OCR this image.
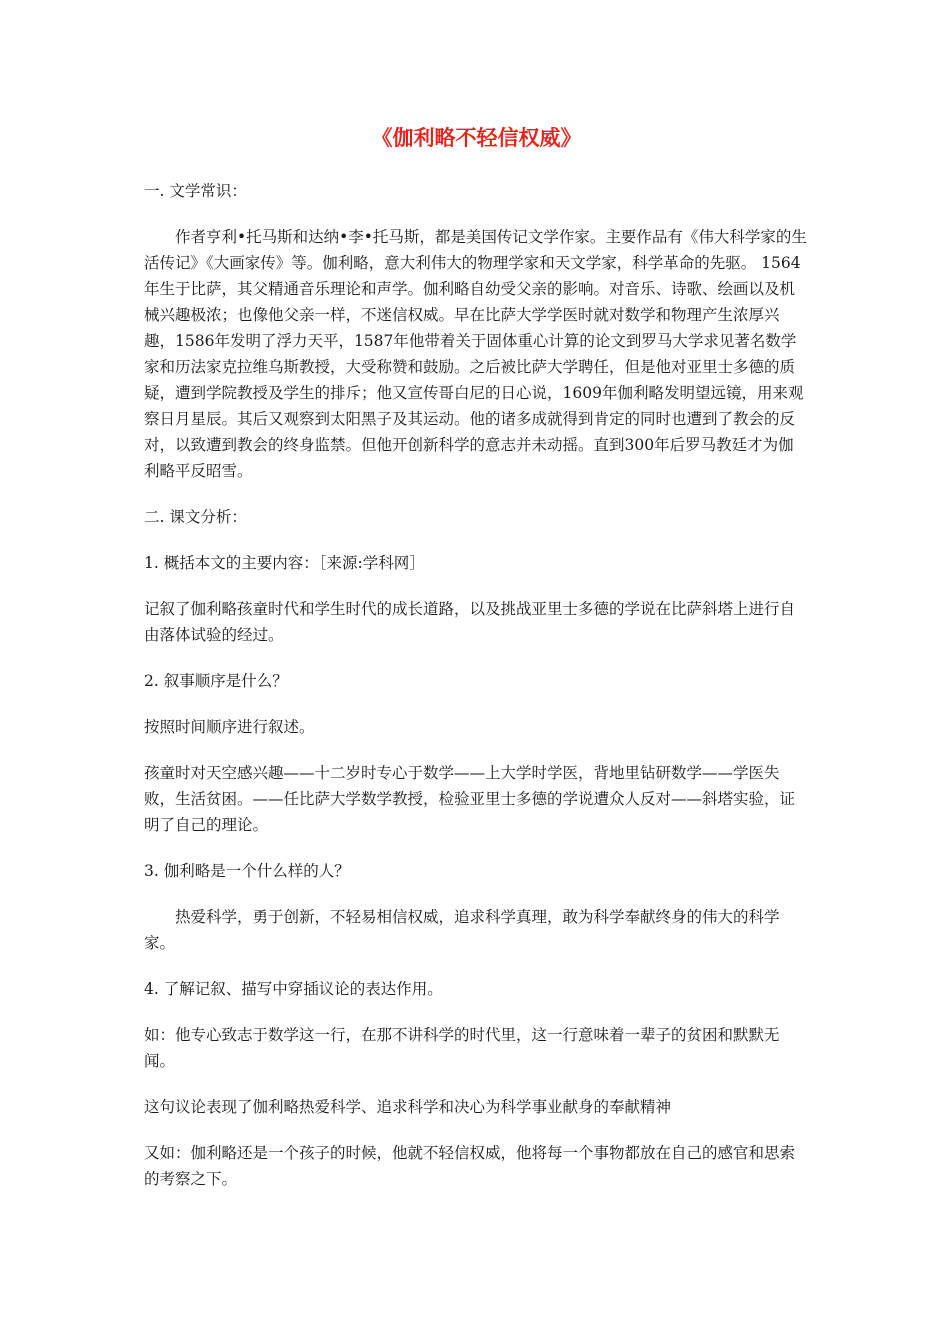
《伽利略不轻信权威》

一. 文学常识：

作者亨利•托马斯和达纳•李•托马斯，都是美国传记文学作家。主要作品有《伟大科学家的生活传记》《大画家传》等。伽利略，意大利伟大的物理学家和天文学家，科学革命的先驱。 1564年生于比萨，其父精通音乐理论和声学。伽利略自幼受父亲的影响。对音乐、诗歌、绘画以及机械兴趣极浓；也像他父亲一样，不迷信权威。早在比萨大学学医时就对数学和物理产生浓厚兴趣，1586年发明了浮力天平，1587年他带着关于固体重心计算的论文到罗马大学求见著名数学家和历法家克拉维乌斯教授，大受称赞和鼓励。之后被比萨大学聘任，但是他对亚里士多德的质疑，遭到学院教授及学生的排斥；他又宣传哥白尼的日心说，1609年伽利略发明望远镜，用来观察日月星辰。其后又观察到太阳黑子及其运动。他的诸多成就得到肯定的同时也遭到了教会的反对，以致遭到教会的终身监禁。但他开创新科学的意志并未动摇。直到300年后罗马教廷才为伽利略平反昭雪。

二. 课文分析：

1. 概括本文的主要内容：［来源:学科网］

记叙了伽利略孩童时代和学生时代的成长道路，以及挑战亚里士多德的学说在比萨斜塔上进行自由落体试验的经过。

2. 叙事顺序是什么？

按照时间顺序进行叙述。

孩童时对天空感兴趣——十二岁时专心于数学——上大学时学医，背地里钻研数学——学医失败，生活贫困。——任比萨大学数学教授，检验亚里士多德的学说遭众人反对——斜塔实验，证明了自己的理论。

3. 伽利略是一个什么样的人？

热爱科学，勇于创新，不轻易相信权威，追求科学真理，敢为科学奉献终身的伟大的科学家。

4. 了解记叙、描写中穿插议论的表达作用。

如：他专心致志于数学这一行，在那不讲科学的时代里，这一行意味着一辈子的贫困和默默无闻。

这句议论表现了伽利略热爱科学、追求科学和决心为科学事业献身的奉献精神

又如：伽利略还是一个孩子的时候，他就不轻信权威，他将每一个事物都放在自己的感官和思索的考察之下。
